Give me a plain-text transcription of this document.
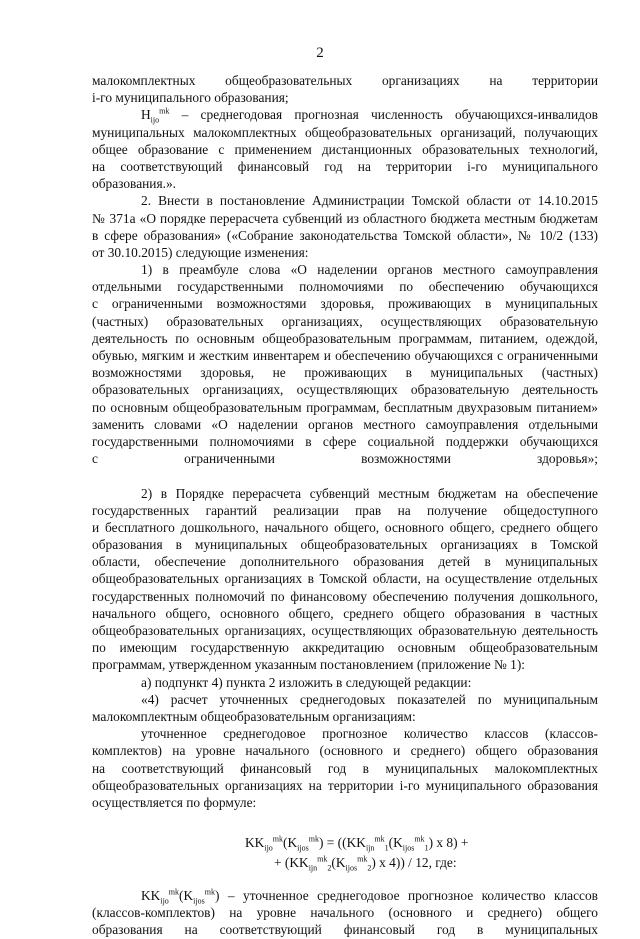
2
малокомплектных общеобразовательных организациях на территории
i-го муниципального образования;
$H_{ijo}^{mk}$ – среднегодовая прогнозная численность обучающихся-инвалидов
муниципальных малокомплектных общеобразовательных организаций, получающих
общее образование с применением дистанционных образовательных технологий,
на соответствующий финансовый год на территории i-го муниципального
образования.».
2. Внести в постановление Администрации Томской области от 14.10.2015
№ 371а «О порядке перерасчета субвенций из областного бюджета местным бюджетам
в сфере образования» («Собрание законодательства Томской области», № 10/2 (133)
от 30.10.2015) следующие изменения:
1) в преамбуле слова «О наделении органов местного самоуправления
отдельными государственными полномочиями по обеспечению обучающихся
с ограниченными возможностями здоровья, проживающих в муниципальных
(частных) образовательных организациях, осуществляющих образовательную
деятельность по основным общеобразовательным программам, питанием, одеждой,
обувью, мягким и жестким инвентарем и обеспечению обучающихся с ограниченными
возможностями здоровья, не проживающих в муниципальных (частных)
образовательных организациях, осуществляющих образовательную деятельность
по основным общеобразовательным программам, бесплатным двухразовым питанием»
заменить словами «О наделении органов местного самоуправления отдельными
государственными полномочиями в сфере социальной поддержки обучающихся
с ограниченными возможностями здоровья»;
2) в Порядке перерасчета субвенций местным бюджетам на обеспечение
государственных гарантий реализации прав на получение общедоступного
и бесплатного дошкольного, начального общего, основного общего, среднего общего
образования в муниципальных общеобразовательных организациях в Томской
области, обеспечение дополнительного образования детей в муниципальных
общеобразовательных организациях в Томской области, на осуществление отдельных
государственных полномочий по финансовому обеспечению получения дошкольного,
начального общего, основного общего, среднего общего образования в частных
общеобразовательных организациях, осуществляющих образовательную деятельность
по имеющим государственную аккредитацию основным общеобразовательным
программам, утвержденном указанным постановлением (приложение № 1):
а) подпункт 4) пункта 2 изложить в следующей редакции:
«4) расчет уточненных среднегодовых показателей по муниципальным
малокомплектным общеобразовательным организациям:
уточненное среднегодовое прогнозное количество классов (классов-
комплектов) на уровне начального (основного и среднего) общего образования
на соответствующий финансовый год в муниципальных малокомплектных
общеобразовательных организациях на территории i-го муниципального образования
осуществляется по формуле:
$KK_{ijo}^{mk}(K_{ijos}^{mk}) = ((KK_{ijn}^{mk}_1(K_{ijos}^{mk}_1)$ x 8) +
+ ($KK_{ijn}^{mk}_2(K_{ijos}^{mk}_2)$ x 4)) / 12, где:
$KK_{ijo}^{mk}(K_{ijos}^{mk})$ – уточненное среднегодовое прогнозное количество классов
(классов-комплектов) на уровне начального (основного и среднего) общего
образования на соответствующий финансовый год в муниципальных
